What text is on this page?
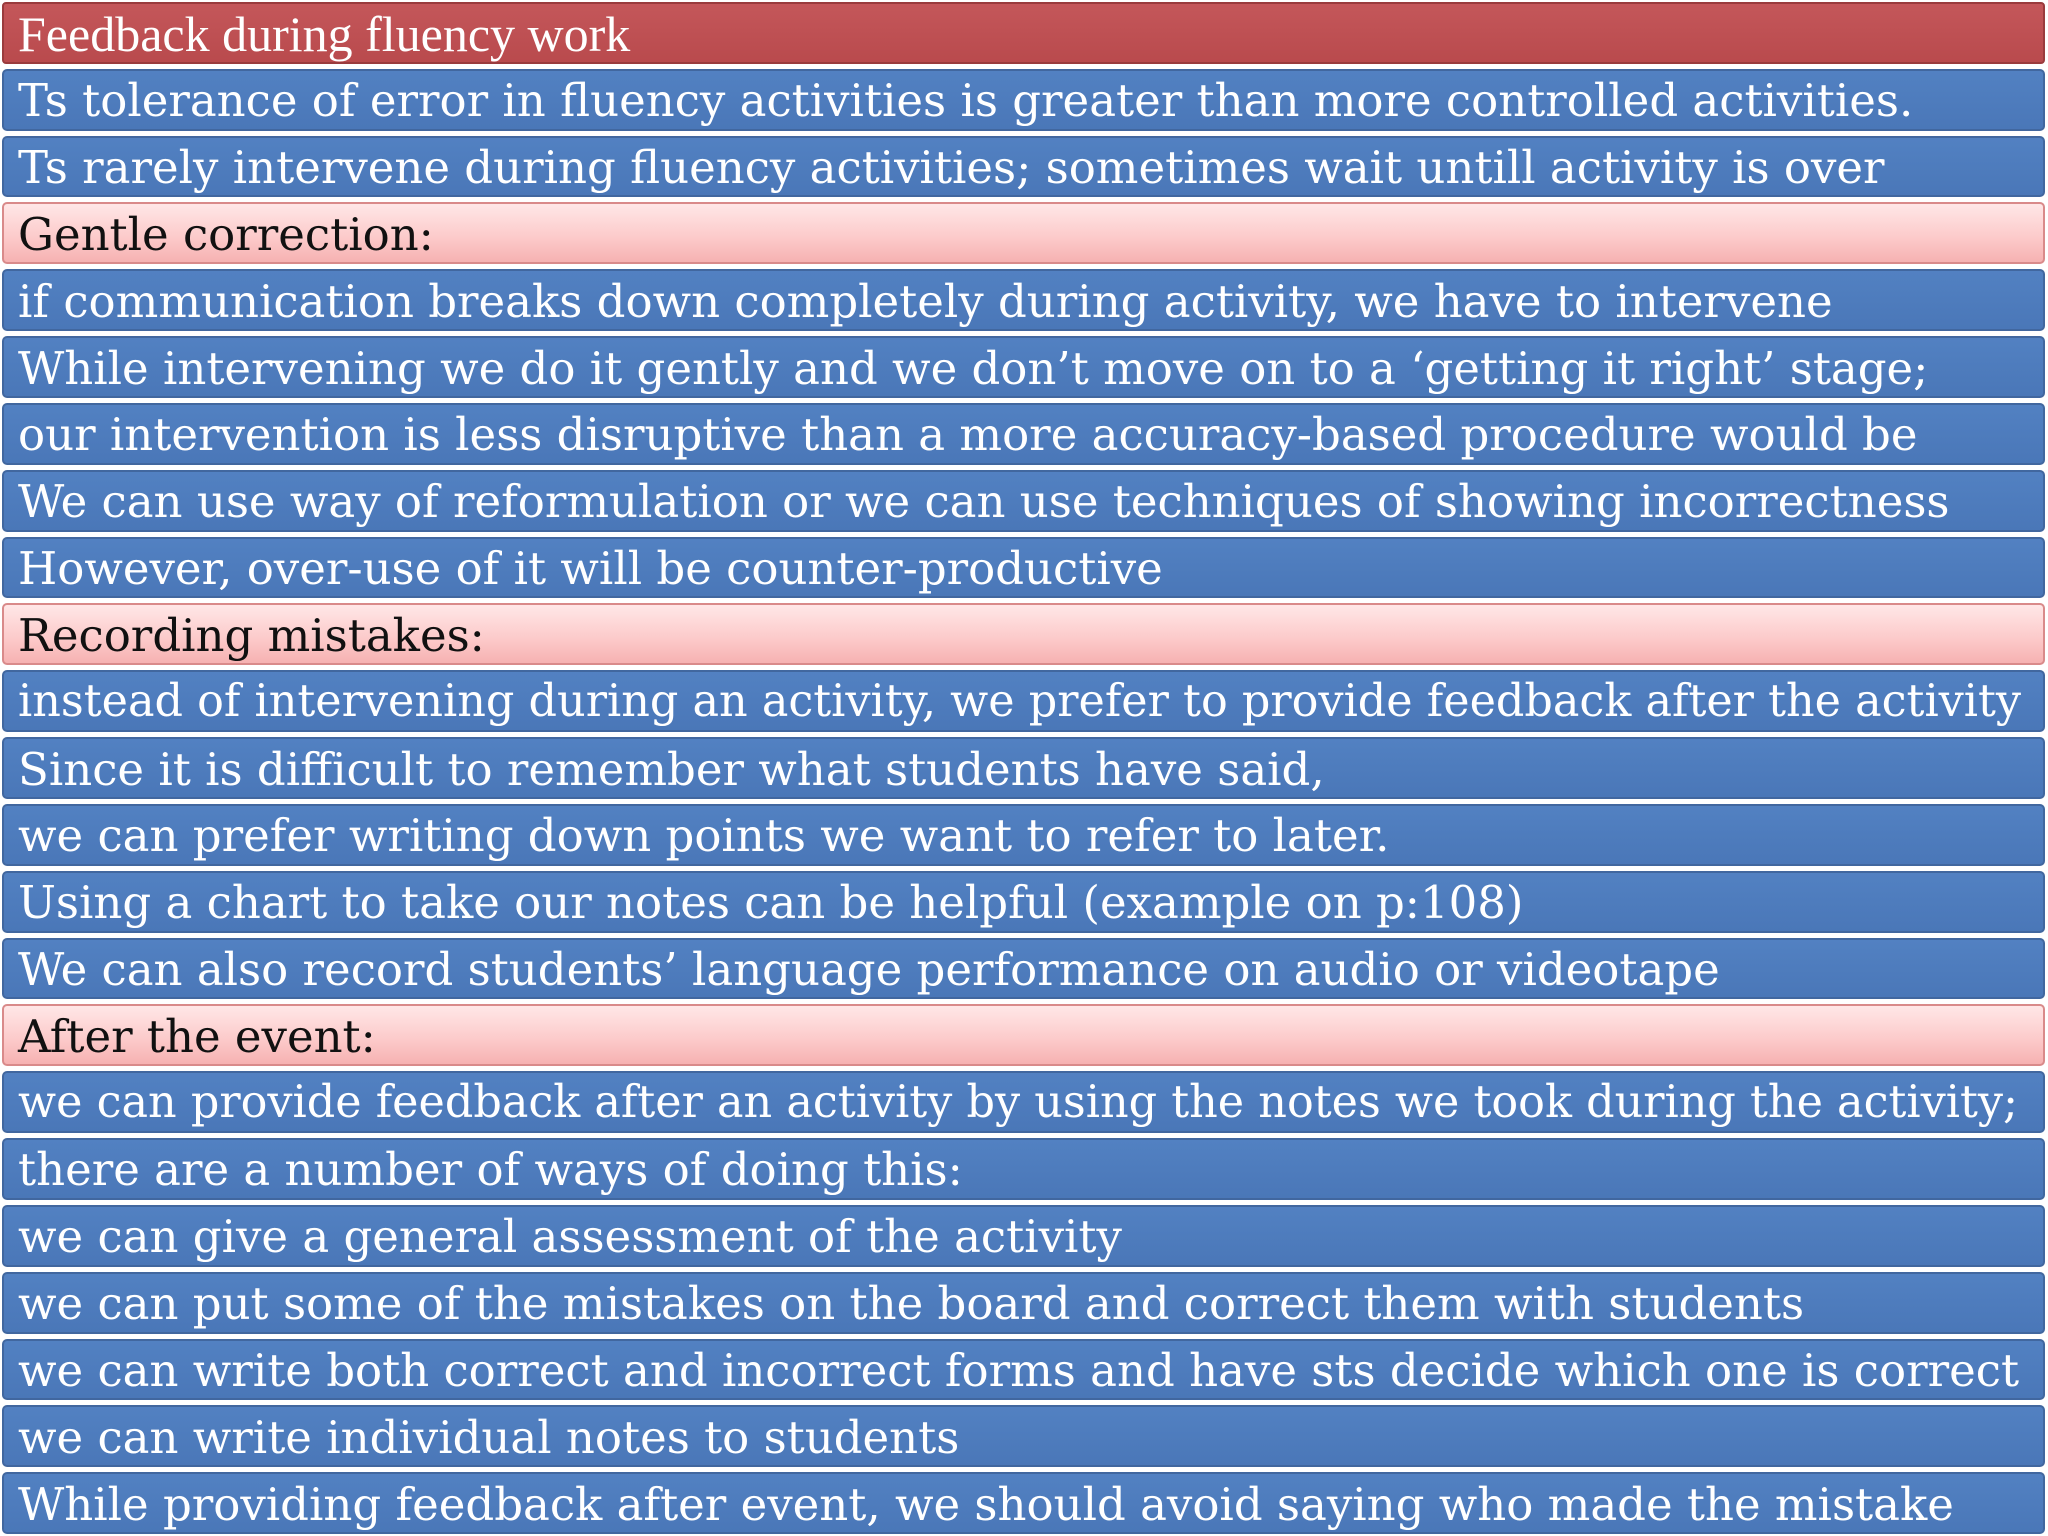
Feedback during fluency work
Ts tolerance of error in fluency activities is greater than more controlled activities.
Ts rarely intervene during fluency activities; sometimes wait untill activity is over
Gentle correction:
if communication breaks down completely during activity, we have to intervene
While intervening we do it gently and we don’t move on to a ‘getting it right’ stage;
our intervention is less disruptive than a more accuracy-based procedure would be
We can use way of reformulation or we can use techniques of showing incorrectness
However, over-use of it will be counter-productive
Recording mistakes:
instead of intervening during an activity, we prefer to provide feedback after the activity
Since it is difficult to remember what students have said,
we can prefer writing down points we want to refer to later.
Using a chart to take our notes can be helpful (example on p:108)
We can also record students’ language performance on audio or videotape
After the event:
we can provide feedback after an activity by using the notes we took during the activity;
there are a number of ways of doing this:
we can give a general assessment of the activity
we can put some of the mistakes on the board and correct them with students
we can write both correct and incorrect forms and have sts decide which one is correct
we can write individual notes to students
While providing feedback after event, we should avoid saying who made the mistake
